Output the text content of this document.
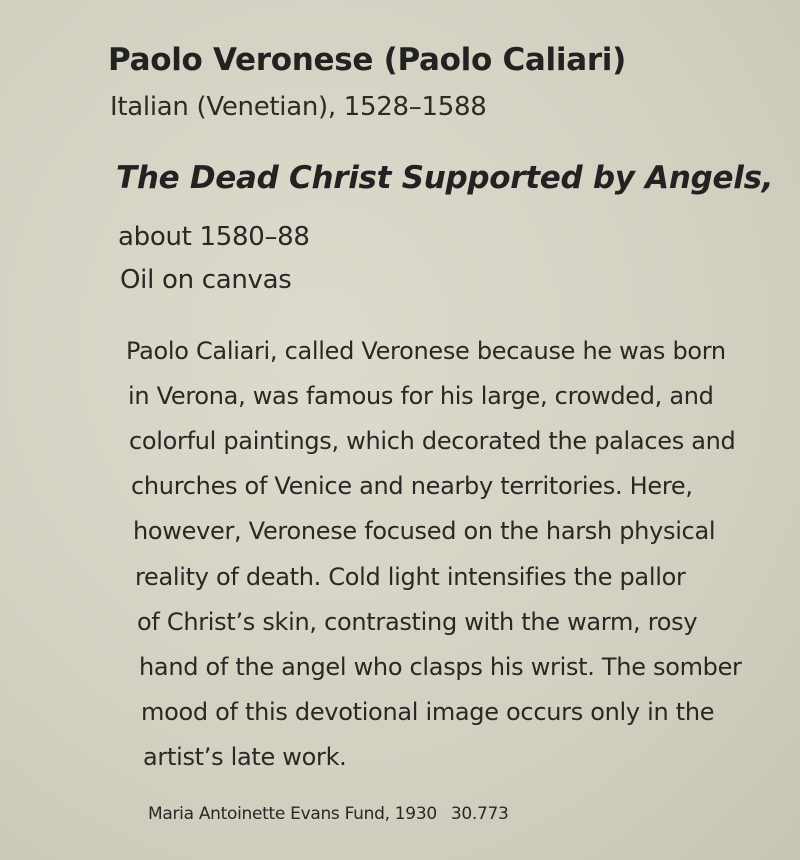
Paolo Veronese (Paolo Caliari)
Italian (Venetian), 1528–1588
The Dead Christ Supported by Angels,
about 1580–88
Oil on canvas
Paolo Caliari, called Veronese because he was born
in Verona, was famous for his large, crowded, and
colorful paintings, which decorated the palaces and
churches of Venice and nearby territories. Here,
however, Veronese focused on the harsh physical
reality of death. Cold light intensifies the pallor
of Christ’s skin, contrasting with the warm, rosy
hand of the angel who clasps his wrist. The somber
mood of this devotional image occurs only in the
artist’s late work.
Maria Antoinette Evans Fund, 1930 30.773
